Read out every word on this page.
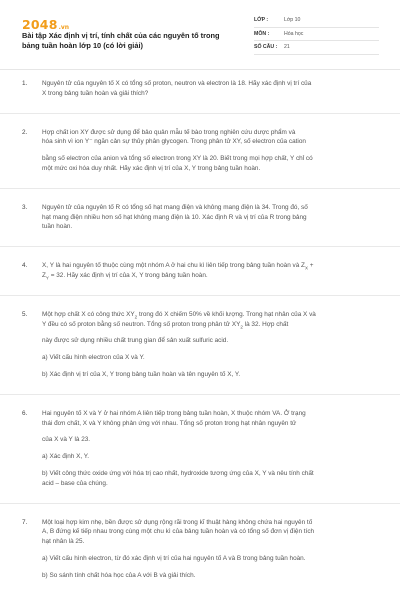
2048.vn
Bài tập Xác định vị trí, tính chất của các nguyên tố trong bảng tuần hoàn lớp 10 (có lời giải)
LỚP :	Lớp 10
MÔN :	Hóa học
SỐ CÂU :	21
1. Nguyên tử của nguyên tố X có tổng số proton, neutron và electron là 18. Hãy xác định vị trí của
X trong bảng tuần hoàn và giải thích?
2. Hợp chất ion XY được sử dụng để bảo quản mẫu tế bào trong nghiên cứu dược phẩm và
hóa sinh vì ion Y⁻ ngăn cản sự thủy phân glycogen. Trong phân tử XY, số electron của cation
bằng số electron của anion và tổng số electron trong XY là 20. Biết trong mọi hợp chất, Y chỉ có
một mức oxi hóa duy nhất. Hãy xác định vị trí của X, Y trong bảng tuần hoàn.
3. Nguyên tử của nguyên tố R có tổng số hạt mang điện và không mang điện là 34. Trong đó, số
hạt mang điện nhiều hơn số hạt không mang điện là 10. Xác định R và vị trí của R trong bảng
tuần hoàn.
4. X, Y là hai nguyên tố thuộc cùng một nhóm A ở hai chu kì liên tiếp trong bảng tuần hoàn và $Z_X$ +
$Z_Y = 32$. Hãy xác định vị trí của X, Y trong bảng tuần hoàn.
5. Một hợp chất X có công thức $XY_2$ trong đó X chiếm 50% về khối lượng. Trong hạt nhân của X và
Y đều có số proton bằng số neutron. Tổng số proton trong phân tử $XY_2$ là 32. Hợp chất
này được sử dụng nhiều chất trung gian để sản xuất sulfuric acid.
a) Viết cấu hình electron của X và Y.
b) Xác định vị trí của X, Y trong bảng tuần hoàn và tên nguyên tố X, Y.
6. Hai nguyên tố X và Y ở hai nhóm A liên tiếp trong bảng tuần hoàn, X thuộc nhóm VA. Ở trạng
thái đơn chất, X và Y không phản ứng với nhau. Tổng số proton trong hạt nhân nguyên tử
của X và Y là 23.
a) Xác định X, Y.
b) Viết công thức oxide ứng với hóa trị cao nhất, hydroxide tương ứng của X, Y và nêu tính chất
acid – base của chúng.
7. Một loại hợp kim nhẹ, bền được sử dụng rộng rãi trong kĩ thuật hàng không chứa hai nguyên tố
A, B đứng kế tiếp nhau trong cùng một chu kì của bảng tuần hoàn và có tổng số đơn vị điện tích
hạt nhân là 25.
a) Viết cấu hình electron, từ đó xác định vị trí của hai nguyên tố A và B trong bảng tuần hoàn.
b) So sánh tính chất hóa học của A với B và giải thích.
